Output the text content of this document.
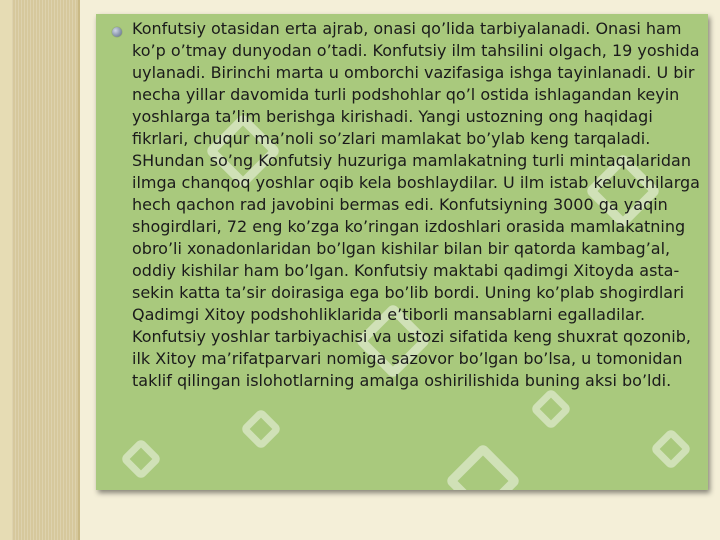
Konfutsiy otasidan erta ajrab, onasi qo’lida tarbiyalanadi. Onasi ham ko’p o’tmay dunyodan o’tadi. Konfutsiy ilm tahsilini olgach, 19 yoshida uylanadi. Birinchi marta u omborchi vazifasiga ishga tayinlanadi. U bir necha yillar davomida turli podshohlar qo’l ostida ishlagandan keyin yoshlarga ta’lim berishga kirishadi. Yangi ustozning ong haqidagi fikrlari, chuqur ma’noli so’zlari mamlakat bo’ylab keng tarqaladi. SHundan so’ng Konfutsiy huzuriga mamlakatning turli mintaqalaridan ilmga chanqoq yoshlar oqib kela boshlaydilar. U ilm istab keluvchilarga hech qachon rad javobini bermas edi. Konfutsiyning 3000 ga yaqin shogirdlari, 72 eng ko’zga ko’ringan izdoshlari orasida mamlakatning obro’li xonadonlaridan bo’lgan kishilar bilan bir qatorda kambag’al, oddiy kishilar ham bo’lgan. Konfutsiy maktabi qadimgi Xitoyda asta-sekin katta ta’sir doirasiga ega bo’lib bordi. Uning ko’plab shogirdlari Qadimgi Xitoy podshohliklarida e’tiborli mansablarni egalladilar. Konfutsiy yoshlar tarbiyachisi va ustozi sifatida keng shuxrat qozonib, ilk Xitoy ma’rifatparvari nomiga sazovor bo’lgan bo’lsa, u tomonidan taklif qilingan islohotlarning amalga oshirilishida buning aksi bo’ldi.
